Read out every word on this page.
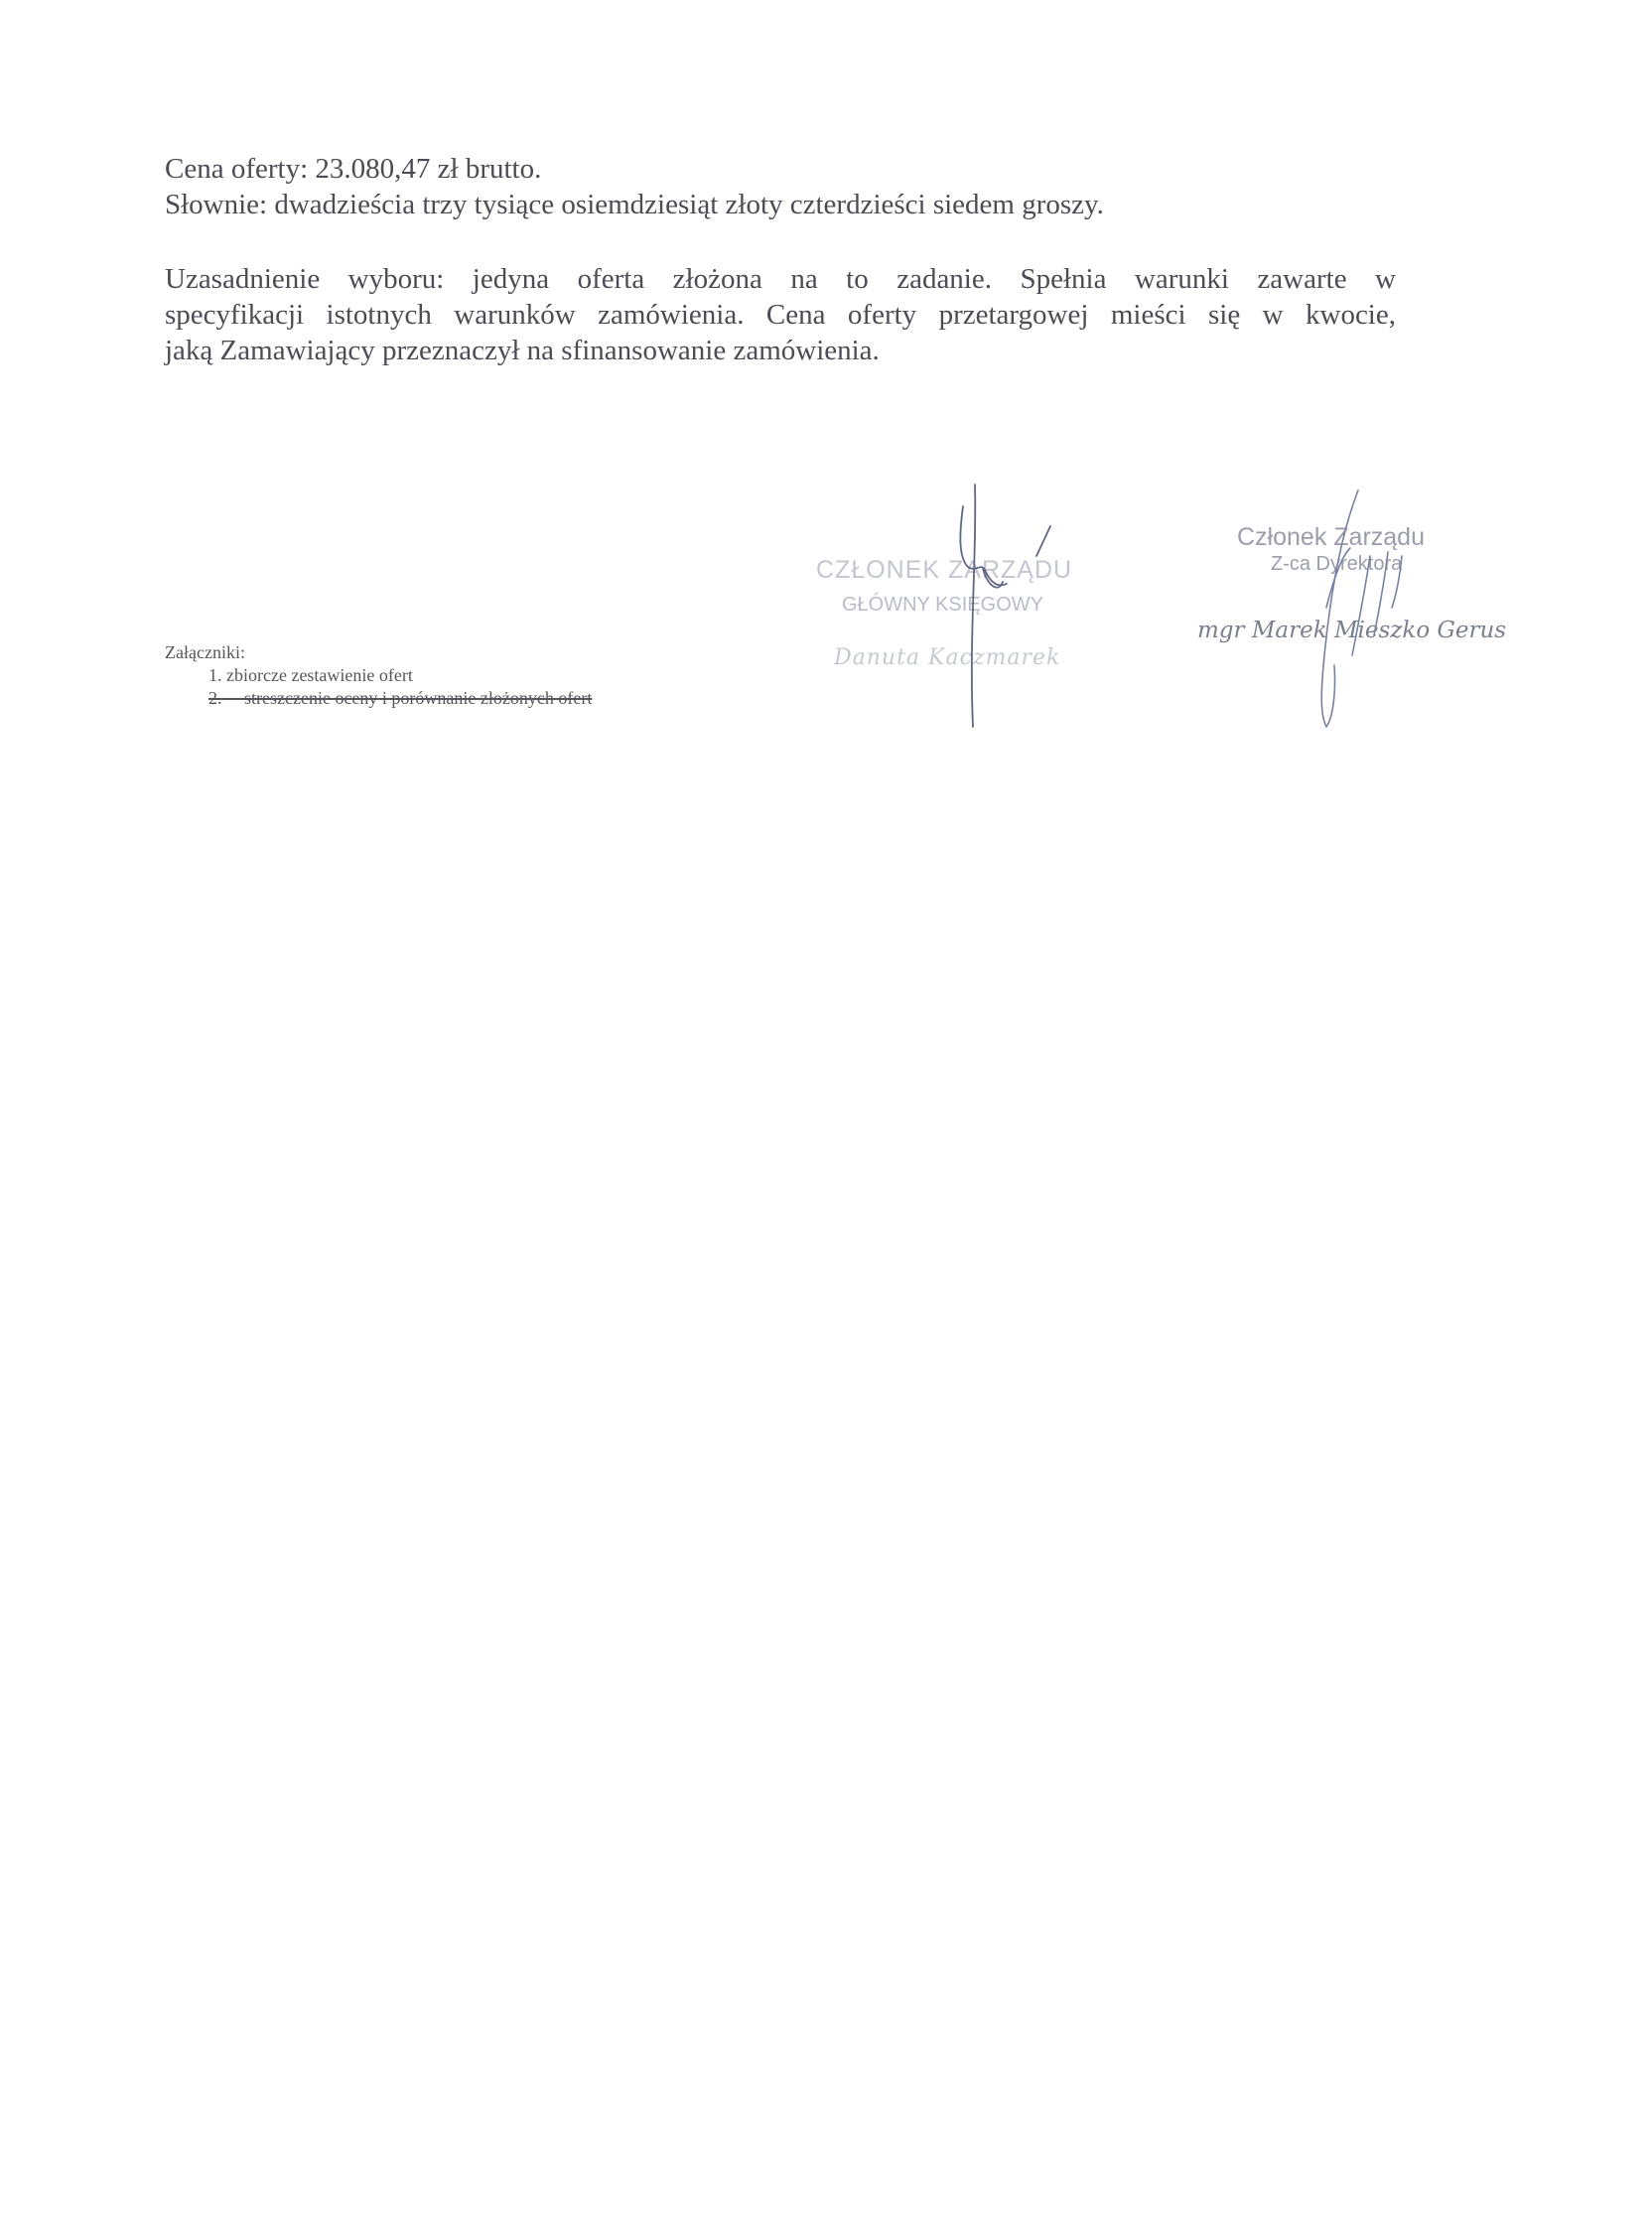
Cena oferty: 23.080,47 zł brutto.
Słownie: dwadzieścia trzy tysiące osiemdziesiąt złoty czterdzieści siedem groszy.
Uzasadnienie wyboru: jedyna oferta złożona na to zadanie. Spełnia warunki zawarte w
specyfikacji istotnych warunków zamówienia. Cena oferty przetargowej mieści się w kwocie,
jaką Zamawiający przeznaczył na sfinansowanie zamówienia.
Załączniki:
1. zbiorcze zestawienie ofert
2.     streszczenie oceny i porównanie złożonych ofert
CZŁONEK ZARZĄDU
GŁÓWNY KSIĘGOWY
Danuta Kaczmarek
Członek Zarządu
Z-ca Dyrektora
mgr Marek Mieszko Gerus
